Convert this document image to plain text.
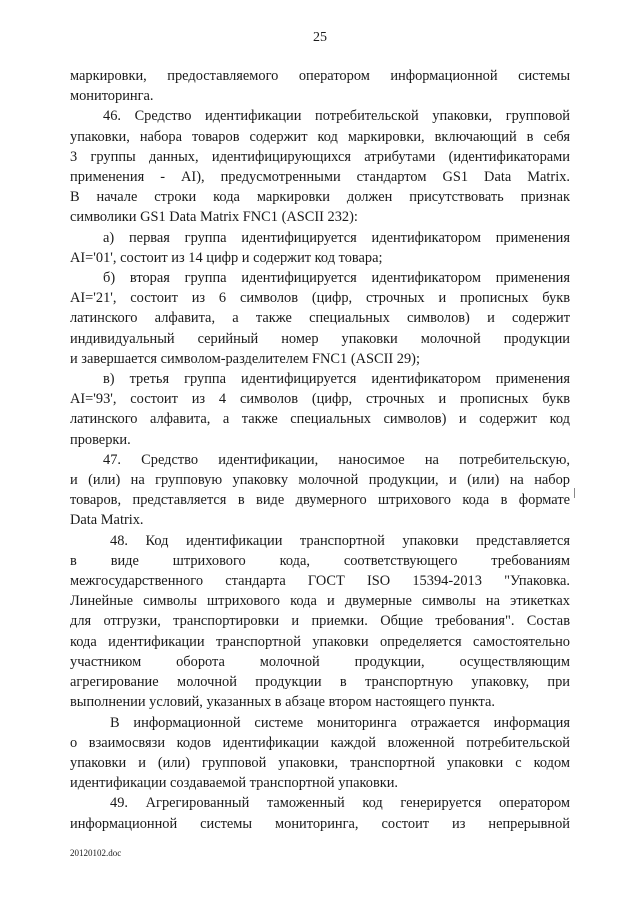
25
маркировки, предоставляемого оператором информационной системы
мониторинга.
46. Средство идентификации потребительской упаковки, групповой
упаковки, набора товаров содержит код маркировки, включающий в себя
3 группы данных, идентифицирующихся атрибутами (идентификаторами
применения - AI), предусмотренными стандартом GS1 Data Matrix.
В начале строки кода маркировки должен присутствовать признак
символики GS1 Data Matrix FNC1 (ASCII 232):
а) первая группа идентифицируется идентификатором применения
AI='01', состоит из 14 цифр и содержит код товара;
б) вторая группа идентифицируется идентификатором применения
AI='21', состоит из 6 символов (цифр, строчных и прописных букв
латинского алфавита, а также специальных символов) и содержит
индивидуальный серийный номер упаковки молочной продукции
и завершается символом-разделителем FNC1 (ASCII 29);
в) третья группа идентифицируется идентификатором применения
AI='93', состоит из 4 символов (цифр, строчных и прописных букв
латинского алфавита, а также специальных символов) и содержит код
проверки.
47. Средство идентификации, наносимое на потребительскую,
и (или) на групповую упаковку молочной продукции, и (или) на набор
товаров, представляется в виде двумерного штрихового кода в формате
Data Matrix.
48. Код идентификации транспортной упаковки представляется
в виде штрихового кода, соответствующего требованиям
межгосударственного стандарта ГОСТ ISO 15394-2013 "Упаковка.
Линейные символы штрихового кода и двумерные символы на этикетках
для отгрузки, транспортировки и приемки. Общие требования". Состав
кода идентификации транспортной упаковки определяется самостоятельно
участником оборота молочной продукции, осуществляющим
агрегирование молочной продукции в транспортную упаковку, при
выполнении условий, указанных в абзаце втором настоящего пункта.
В информационной системе мониторинга отражается информация
о взаимосвязи кодов идентификации каждой вложенной потребительской
упаковки и (или) групповой упаковки, транспортной упаковки с кодом
идентификации создаваемой транспортной упаковки.
49. Агрегированный таможенный код генерируется оператором
информационной системы мониторинга, состоит из непрерывной
20120102.doc
